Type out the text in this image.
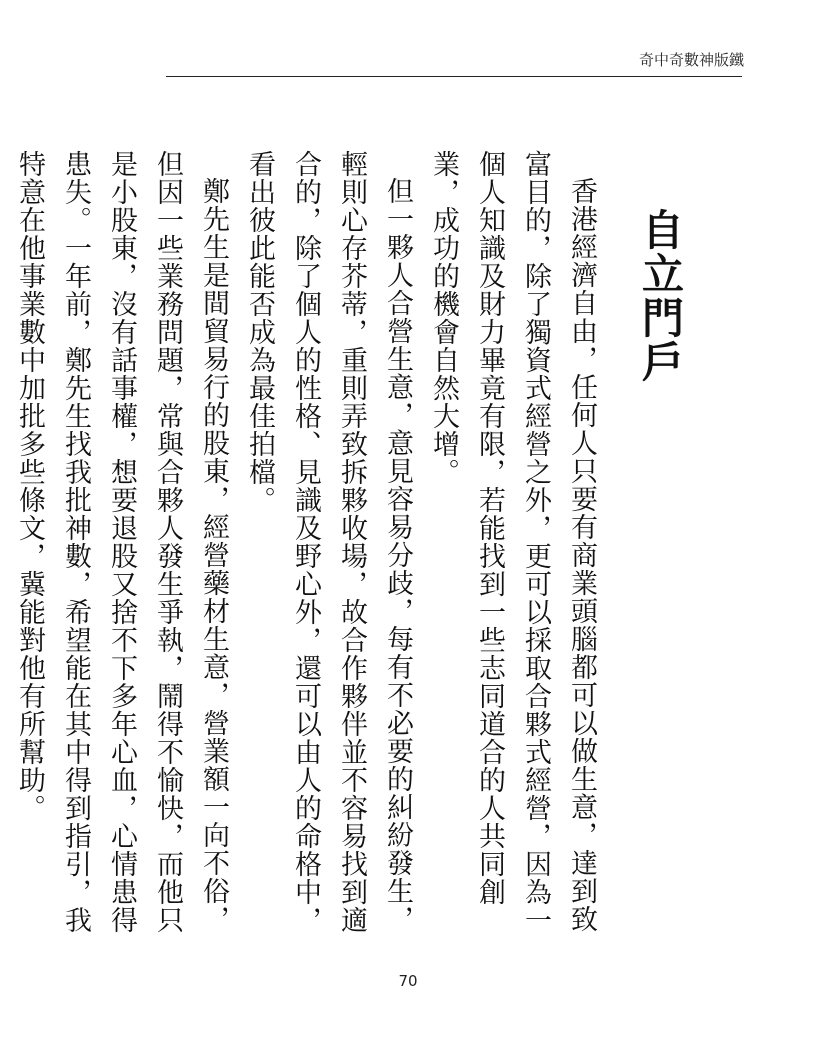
奇中奇數神版鐵
自立門戶

香港經濟自由，任何人只要有商業頭腦都可以做生意，達到致富目的，除了獨資式經營之外，更可以採取合夥式經營，因為一個人知識及財力畢竟有限，若能找到一些志同道合的人共同創業，成功的機會自然大增。

但一夥人合營生意，意見容易分歧，每有不必要的糾紛發生，輕則心存芥蒂，重則弄致拆夥收場，故合作夥伴並不容易找到適合的，除了個人的性格、見識及野心外，還可以由人的命格中，看出彼此能否成為最佳拍檔。

鄭先生是間貿易行的股東，經營藥材生意，營業額一向不俗，但因一些業務問題，常與合夥人發生爭執，鬧得不愉快，而他只是小股東，沒有話事權，想要退股又捨不下多年心血，心情患得患失。一年前，鄭先生找我批神數，希望能在其中得到指引，我特意在他事業數中加批多些條文，冀能對他有所幫助。

70
